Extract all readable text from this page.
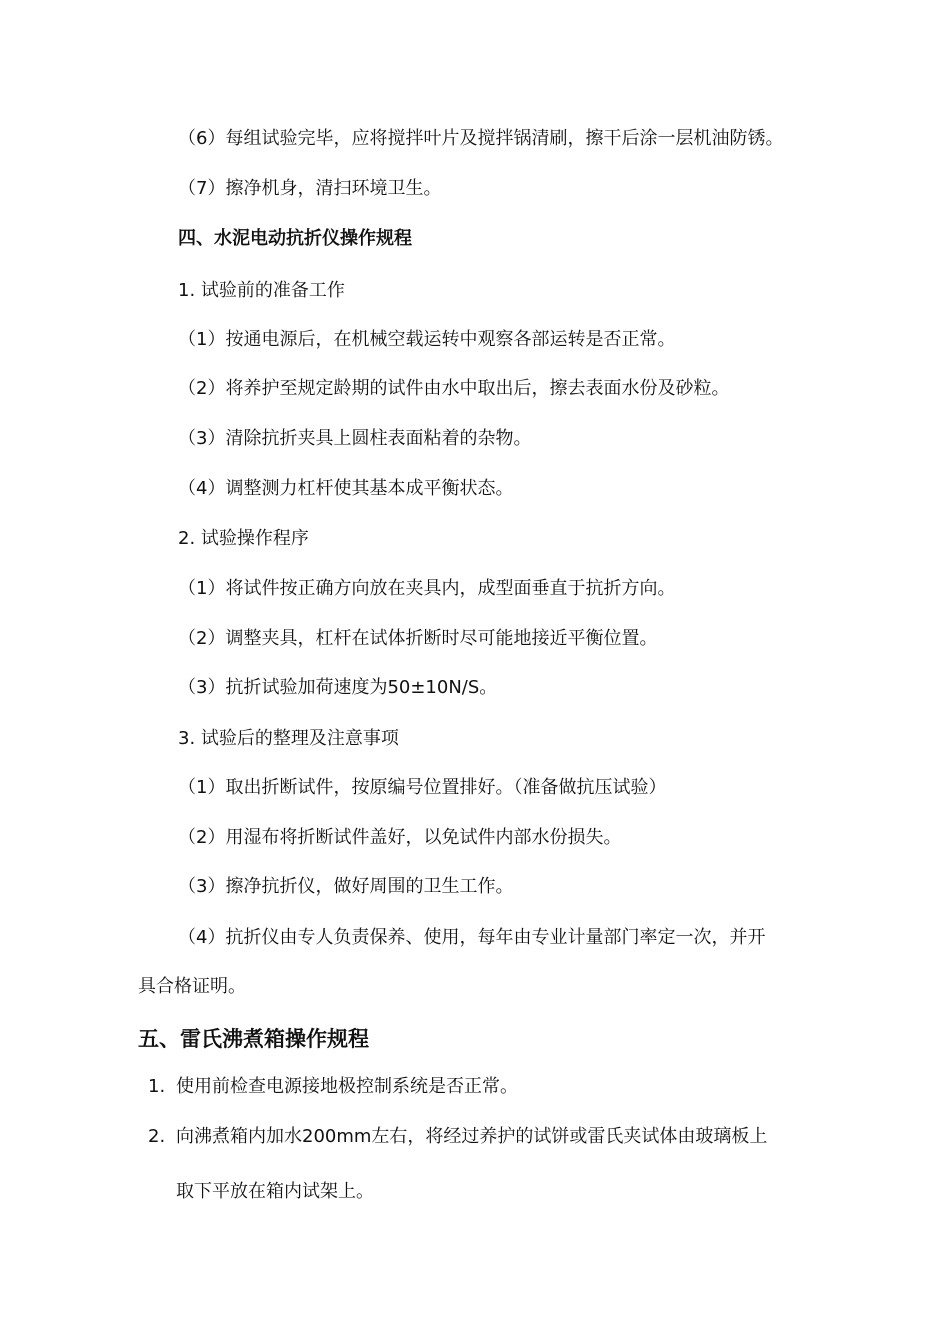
（6）每组试验完毕，应将搅拌叶片及搅拌锅清刷，擦干后涂一层机油防锈。
（7）擦净机身，清扫环境卫生。
四、水泥电动抗折仪操作规程
1. 试验前的准备工作
（1）按通电源后，在机械空载运转中观察各部运转是否正常。
（2）将养护至规定龄期的试件由水中取出后，擦去表面水份及砂粒。
（3）清除抗折夹具上圆柱表面粘着的杂物。
（4）调整测力杠杆使其基本成平衡状态。
2. 试验操作程序
（1）将试件按正确方向放在夹具内，成型面垂直于抗折方向。
（2）调整夹具，杠杆在试体折断时尽可能地接近平衡位置。
（3）抗折试验加荷速度为50±10N/S。
3. 试验后的整理及注意事项
（1）取出折断试件，按原编号位置排好。（准备做抗压试验）
（2）用湿布将折断试件盖好，以免试件内部水份损失。
（3）擦净抗折仪，做好周围的卫生工作。
（4）抗折仪由专人负责保养、使用，每年由专业计量部门率定一次，并开
具合格证明。
五、雷氏沸煮箱操作规程
1. 使用前检查电源接地极控制系统是否正常。
2. 向沸煮箱内加水200mm左右，将经过养护的试饼或雷氏夹试体由玻璃板上
取下平放在箱内试架上。
